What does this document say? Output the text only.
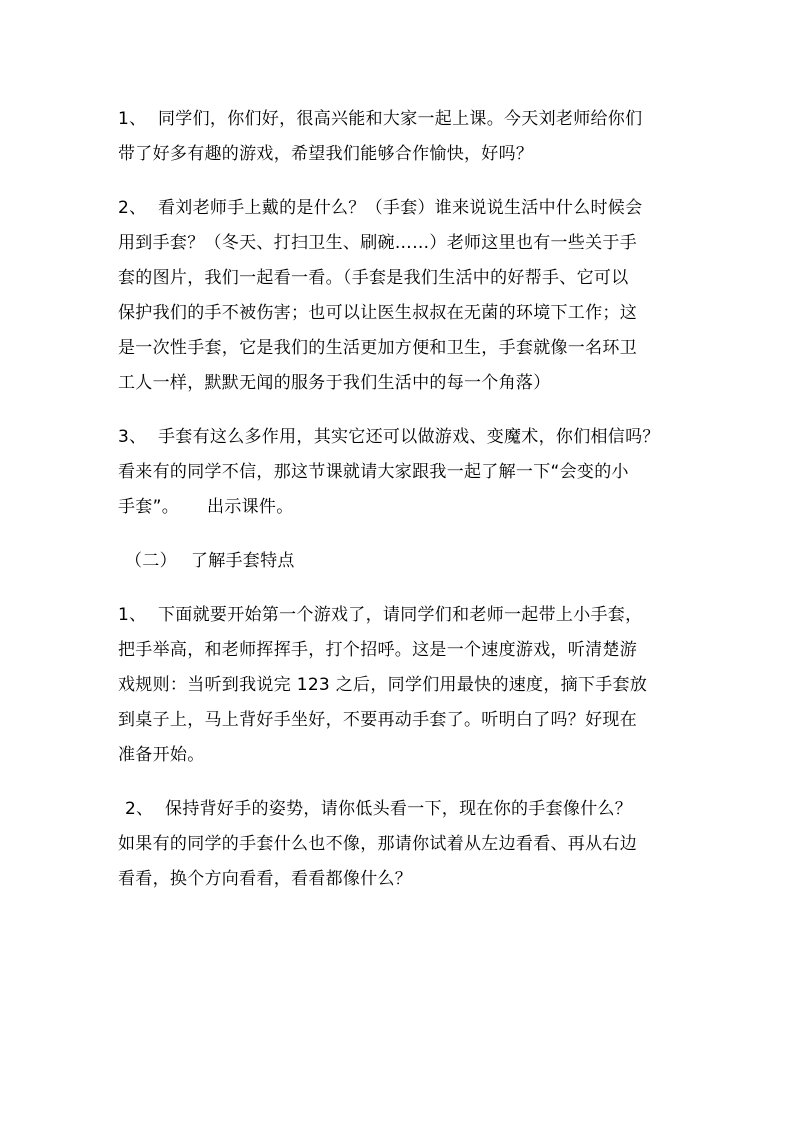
1、 同学们，你们好，很高兴能和大家一起上课。今天刘老师给你们
带了好多有趣的游戏，希望我们能够合作愉快，好吗？
2、 看刘老师手上戴的是什么？（手套）谁来说说生活中什么时候会
用到手套？（冬天、打扫卫生、刷碗……）老师这里也有一些关于手
套的图片，我们一起看一看。（手套是我们生活中的好帮手、它可以
保护我们的手不被伤害；也可以让医生叔叔在无菌的环境下工作；这
是一次性手套，它是我们的生活更加方便和卫生，手套就像一名环卫
工人一样，默默无闻的服务于我们生活中的每一个角落）
3、 手套有这么多作用，其实它还可以做游戏、变魔术，你们相信吗？
看来有的同学不信，那这节课就请大家跟我一起了解一下“会变的小
手套”。 出示课件。
（二） 了解手套特点
1、 下面就要开始第一个游戏了，请同学们和老师一起带上小手套，
把手举高，和老师挥挥手，打个招呼。这是一个速度游戏，听清楚游
戏规则：当听到我说完 123 之后，同学们用最快的速度，摘下手套放
到桌子上，马上背好手坐好，不要再动手套了。听明白了吗？好现在
准备开始。
2、 保持背好手的姿势，请你低头看一下，现在你的手套像什么？
如果有的同学的手套什么也不像，那请你试着从左边看看、再从右边
看看，换个方向看看，看看都像什么？
